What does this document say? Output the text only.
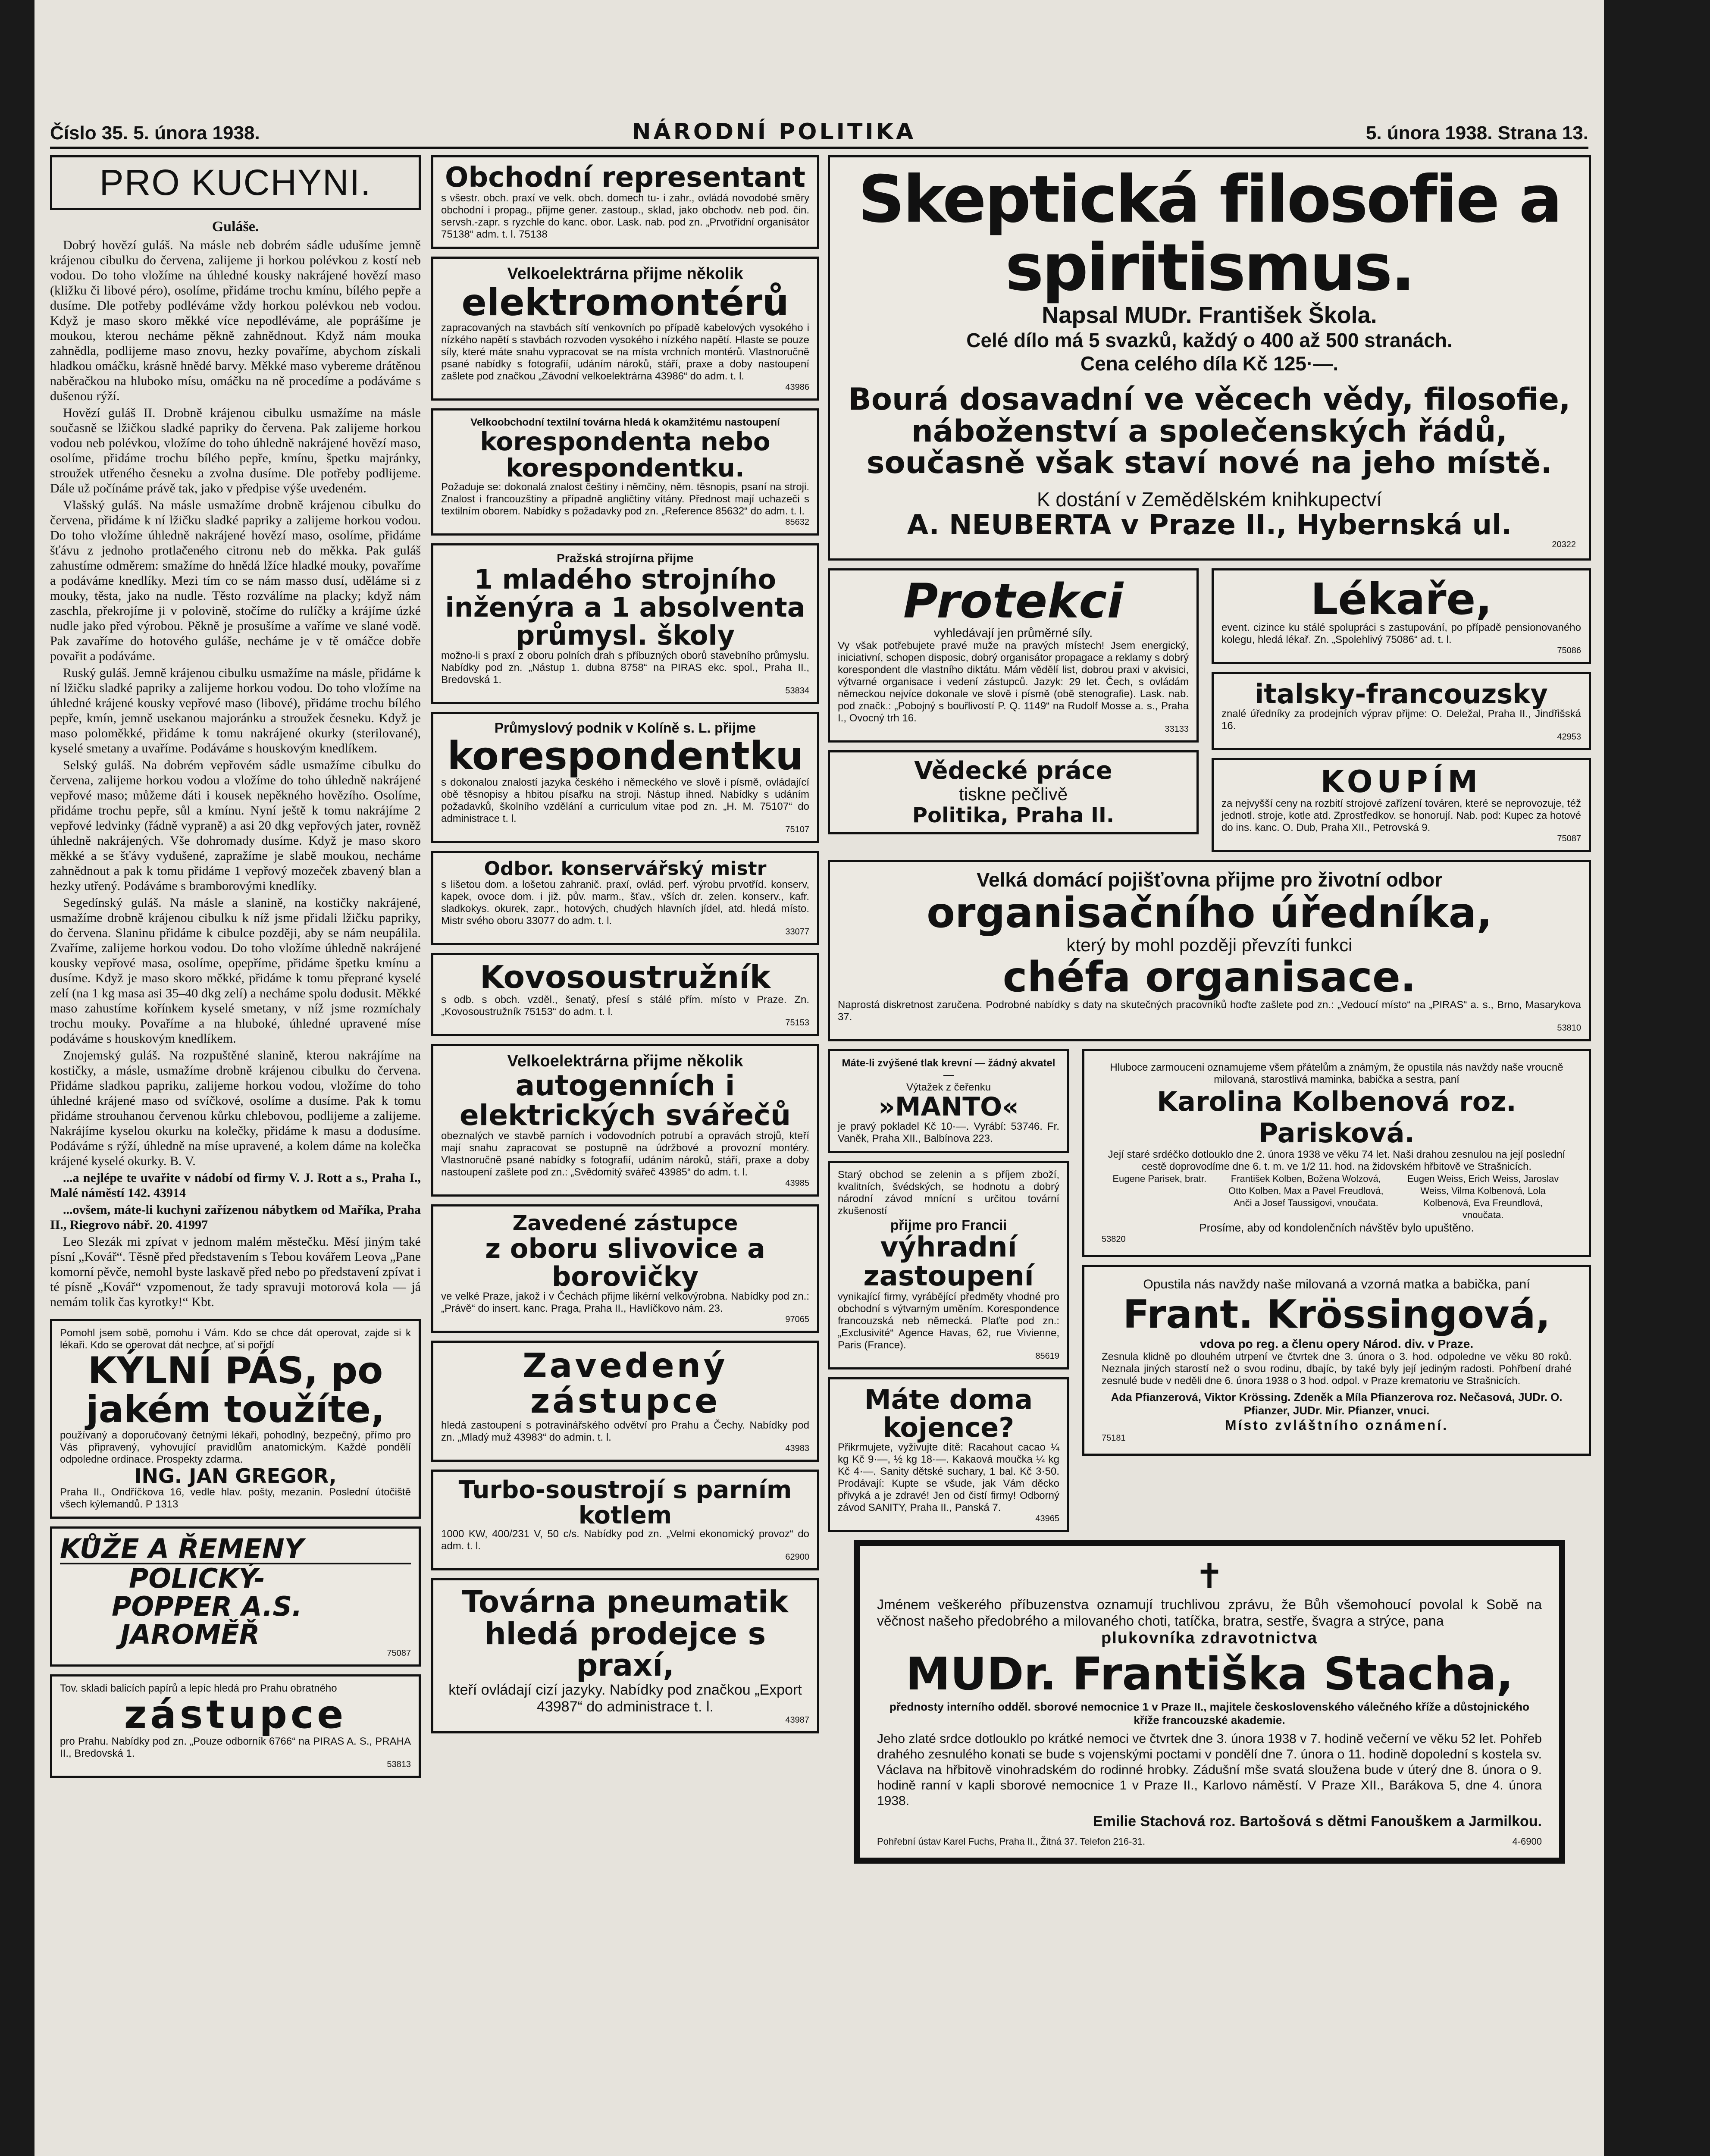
Číslo 35. 5. února 1938.	NÁRODNÍ POLITIKA	5. února 1938. Strana 13.
PRO KUCHYNI.
Guláše.

Dobrý hovězí guláš. Na másle neb dobrém sádle udušíme jemně krájenou cibulku do červena, zalijeme ji horkou polévkou z kostí neb vodou. Do toho vložíme na úhledné kousky nakrájené hovězí maso (kližku či libové péro), osolíme, přidáme trochu kmínu, bílého pepře a dusíme. Dle potřeby podléváme vždy horkou polévkou neb vodou. Když je maso skoro měkké více nepodléváme, ale poprášíme je moukou, kterou necháme pěkně zahnědnout. Když nám mouka zahnědla, podlijeme maso znovu, hezky povaříme, abychom získali hladkou omáčku, krásně hnědé barvy. Měkké maso vybereme drátěnou naběračkou na hluboko mísu, omáčku na ně procedíme a podáváme s dušenou rýží.

Hovězí guláš II. Drobně krájenou cibulku usmažíme na másle současně se lžičkou sladké papriky do červena. Pak zalijeme horkou vodou neb polévkou, vložíme do toho úhledně nakrájené hovězí maso, osolíme, přidáme trochu bílého pepře, kmínu, špetku majránky, stroužek utřeného česneku a zvolna dusíme. Dle potřeby podlijeme. Dále už počínáme právě tak, jako v předpise výše uvedeném.

Vlašský guláš. Na másle usmažíme drobně krájenou cibulku do červena, přidáme k ní lžičku sladké papriky a zalijeme horkou vodou. Do toho vložíme úhledně nakrájené hovězí maso, osolíme, přidáme šťávu z jednoho protlačeného citronu neb do měkka. Pak guláš zahustíme odměrem: smažíme do hnědá lžíce hladké mouky, povaříme a podáváme knedlíky. Mezi tím co se nám masso dusí, uděláme si z mouky, těsta, jako na nudle. Těsto rozválíme na placky; když nám zaschla, překrojíme ji v polovině, stočíme do rulíčky a krájíme úzké nudle jako před výrobou. Pěkně je prosušíme a vaříme ve slané vodě. Pak zavaříme do hotového guláše, necháme je v tě omáčce dobře povařit a podáváme.

Ruský guláš. Jemně krájenou cibulku usmažíme na másle, přidáme k ní lžičku sladké papriky a zalijeme horkou vodou. Do toho vložíme na úhledné krájené kousky vepřové maso (libové), přidáme trochu bílého pepře, kmín, jemně usekanou majoránku a stroužek česneku. Když je maso poloměkké, přidáme k tomu nakrájené okurky (sterilované), kyselé smetany a uvaříme. Podáváme s houskovým knedlíkem.

Selský guláš. Na dobrém vepřovém sádle usmažíme cibulku do červena, zalijeme horkou vodou a vložíme do toho úhledně nakrájené vepřové maso; můžeme dáti i kousek nepěkného hovězího. Osolíme, přidáme trochu pepře, sůl a kmínu. Nyní ještě k tomu nakrájíme 2 vepřové ledvinky (řádně vypraně) a asi 20 dkg vepřových jater, rovněž úhledně nakrájených. Vše dohromady dusíme. Když je maso skoro měkké a se šťávy vydušené, zapražíme je slabě moukou, necháme zahnědnout a pak k tomu přidáme 1 vepřový mozeček zbavený blan a hezky utřený. Podáváme s bramborovými knedlíky.

Segedínský guláš. Na másle a slanině, na kostičky nakrájené, usmažíme drobně krájenou cibulku k níž jsme přidali lžičku papriky, do červena. Slaninu přidáme k cibulce později, aby se nám neupálila. Zvaříme, zalijeme horkou vodou. Do toho vložíme úhledně nakrájené kousky vepřové masa, osolíme, opepříme, přidáme špetku kmínu a dusíme. Když je maso skoro měkké, přidáme k tomu přeprané kyselé zelí (na 1 kg masa asi 35–40 dkg zelí) a necháme spolu dodusit. Měkké maso zahustíme kořínkem kyselé smetany, v níž jsme rozmíchaly trochu mouky. Povaříme a na hluboké, úhledné upravené míse podáváme s houskovým knedlíkem.

Znojemský guláš. Na rozpuštěné slanině, kterou nakrájíme na kostičky, a másle, usmažíme drobně krájenou cibulku do červena. Přidáme sladkou papriku, zalijeme horkou vodou, vložíme do toho úhledné krájené maso od svíčkové, osolíme a dusíme. Pak k tomu přidáme strouhanou červenou kůrku chlebovou, podlijeme a zalijeme. Nakrájíme kyselou okurku na kolečky, přidáme k masu a dodusíme. Podáváme s rýží, úhledně na míse upravené, a kolem dáme na kolečka krájené kyselé okurky. B. V.

...a nejlépe te uvařite v nádobí od firmy V. J. Rott a s., Praha I., Malé náměstí 142. 43914

...ovšem, máte-li kuchyni zařízenou nábytkem od Maříka, Praha II., Riegrovo nábř. 20. 41997

Leo Slezák mi zpívat v jednom malém městečku. Měsí jiným také písní „Kovář“. Těsně před představením s Tebou kovářem Leova „Pane komorní pěvče, nemohl byste laskavě před nebo po představení zpívat i té písně „Kovář“ vzpomenout, že tady spravuji motorová kola — já nemám tolik čas kyrotky!“ Kbt.

Pomohl jsem sobě, pomohu i Vám. Kdo se chce dát operovat, zajde si k lékaři. Kdo se operovat dát nechce, ať si pořídí
KÝLNÍ PÁS, po jakém toužíte,
používaný a doporučovaný četnými lékaři, pohodlný, bezpečný, přímo pro Vás připravený, vyhovující pravidlům anatomickým. Každé pondělí odpoledne ordinace. Prospekty zdarma.
ING. JAN GREGOR,
Praha II., Ondříčkova 16, vedle hlav. pošty, mezanin. Poslední útočiště všech kýlemandů. P 1313
KŮŽE A ŘEMENY
POLICKÝ-
POPPER A.S.
JAROMĚŘ
75087
Tov. skladi balicích papírů a lepíc hledá pro Prahu obratného
zástupce
pro Prahu. Nabídky pod zn. „Pouze odborník 6766“ na PIRAS A. S., PRAHA II., Bredovská 1.
53813
Obchodní representant
s všestr. obch. praxí ve velk. obch. domech tu- i zahr., ovládá novodobé směry obchodní i propag., přijme gener. zastoup., sklad, jako obchodv. neb pod. čin. servsh.-zapr. s ryzchle do kanc. obor. Lask. nab. pod zn. „Prvotřídní organisátor 75138“ adm. t. l. 75138
Velkoelektrárna přijme několik
elektromontérů
zapracovaných na stavbách sítí venkovních po případě kabelových vysokého i nízkého napětí s stavbách rozvoden vysokého i nízkého napětí. Hlaste se pouze síly, které máte snahu vypracovat se na místa vrchních montérů. Vlastnoručně psané nabídky s fotografií, udáním nároků, stáří, praxe a doby nastoupení zašlete pod značkou „Závodní velkoelektrárna 43986“ do adm. t. l.
43986
Velkoobchodní textilní továrna hledá k okamžitému nastoupení
korespondenta nebo korespondentku.
Požaduje se: dokonalá znalost češtiny i němčiny, něm. těsnopis, psaní na stroji. Znalost i francouzštiny a případně angličtiny vítány. Přednost mají uchazeči s textilním oborem. Nabídky s požadavky pod zn. „Reference 85632“ do adm. t. l.
85632
Pražská strojírna přijme
1 mladého strojního inženýra a 1 absolventa průmysl. školy
možno-li s praxí z oboru polních drah s příbuzných oborů stavebního průmyslu. Nabídky pod zn. „Nástup 1. dubna 8758“ na PIRAS ekc. spol., Praha II., Bredovská 1.
53834
Průmyslový podnik v Kolíně s. L. přijme
korespondentku
s dokonalou znalostí jazyka českého i německého ve slově i písmě, ovládající obě těsnopisy a hbitou písařku na stroji. Nástup ihned. Nabídky s udáním požadavků, školního vzdělání a curriculum vitae pod zn. „H. M. 75107“ do administrace t. l.
75107
Odbor. konservářský mistr
s lišetou dom. a lošetou zahranič. praxí, ovlád. perf. výrobu prvotříd. konserv, kapek, ovoce dom. i již. pův. marm., šťav., vších dr. zelen. konserv., kafr. sladkokys. okurek, zapr., hotových, chudých hlavních jídel, atd. hledá místo. Mistr svého oboru 33077 do adm. t. l.
33077
Kovosoustružník
s odb. s obch. vzděl., šenatý, přesí s stálé přím. místo v Praze. Zn. „Kovosoustružník 75153“ do adm. t. l.
75153
Velkoelektrárna přijme několik
autogenních i elektrických svářečů
obeznalých ve stavbě parních i vodovodních potrubí a opravách strojů, kteří mají snahu zapracovat se postupně na údržbové a provozní montéry. Vlastnoručně psané nabídky s fotografií, udáním nároků, stáří, praxe a doby nastoupení zašlete pod zn.: „Svědomitý svářeč 43985“ do adm. t. l.
43985
Zavedené zástupce
z oboru slivovice a borovičky
ve velké Praze, jakož i v Čechách přijme likérní velkovýrobna. Nabídky pod zn.: „Právě“ do insert. kanc. Praga, Praha II., Havlíčkovo nám. 23.
97065
Zavedený zástupce
hledá zastoupení s potravinářského odvětví pro Prahu a Čechy. Nabídky pod zn. „Mladý muž 43983“ do admin. t. l.
43983
Turbo-soustrojí s parním kotlem
1000 KW, 400/231 V, 50 c/s. Nabídky pod zn. „Velmi ekonomický provoz“ do adm. t. l.
62900
Továrna pneumatik hledá prodejce s praxí,
kteří ovládají cizí jazyky. Nabídky pod značkou „Export 43987“ do administrace t. l.
43987
Skeptická filosofie a spiritismus.
Napsal MUDr. František Škola.
Celé dílo má 5 svazků, každý o 400 až 500 stranách.
Cena celého díla Kč 125·—.
Bourá dosavadní ve věcech vědy, filosofie, náboženství a společenských řádů, současně však staví nové na jeho místě.
K dostání v Zemědělském knihkupectví
A. NEUBERTA v Praze II., Hybernská ul.
20322
Protekci
vyhledávají jen průměrné síly.
Vy však potřebujete pravé muže na pravých místech! Jsem energický, iniciativní, schopen disposic, dobrý organisátor propagace a reklamy s dobrý korespondent dle vlastního diktátu. Mám vědělí list, dobrou praxi v akvisici, výtvarné organisace i vedení zástupců. Jazyk: 29 let. Čech, s ovládám německou nejvíce dokonale ve slově i písmě (obě stenografie). Lask. nab. pod značk.: „Pobojný s bouřlivostí P. Q. 1149“ na Rudolf Mosse a. s., Praha I., Ovocný trh 16.
33133
Vědecké práce
tiskne pečlivě
Politika, Praha II.
Lékaře,
event. cizince ku stálé spolupráci s zastupování, po případě pensionovaného kolegu, hledá lékař. Zn. „Spolehlivý 75086“ ad. t. l.
75086
italsky-francouzsky
znalé úředníky za prodejních výprav přijme: O. Deležal, Praha II., Jindřišská 16.
42953
KOUPÍM
za nejvyšší ceny na rozbití strojové zařízení továren, které se neprovozuje, též jednotl. stroje, kotle atd. Zprostředkov. se honorují. Nab. pod: Kupec za hotové do ins. kanc. O. Dub, Praha XII., Petrovská 9.
75087
Velká domácí pojišťovna přijme pro životní odbor
organisačního úředníka,
který by mohl později převzíti funkci
chéfa organisace.
Naprostá diskretnost zaručena. Podrobné nabídky s daty na skutečných pracovníků hoďte zašlete pod zn.: „Vedoucí místo“ na „PIRAS“ a. s., Brno, Masarykova 37.
53810
Máte-li zvýšené tlak krevní — žádný akvatel —
Výtažek z čeřenku
»MANTO«
je pravý pokladel Kč 10·—. Vyrábí: 53746. Fr. Vaněk, Praha XII., Balbínova 223.
Starý obchod se zelenin a s příjem zboží, kvalitních, švédských, se hodnotu a dobrý národní závod mnícní s určitou tovární zkušeností
přijme pro Francii
výhradní zastoupení
vynikající firmy, vyrábějící předměty vhodné pro obchodní s výtvarným uměním. Korespondence francouzská neb německá. Plaťte pod zn.: „Exclusivité“ Agence Havas, 62, rue Vivienne, Paris (France).
85619
Máte doma kojence?
Přikrmujete, vyživujte dítě: Racahout cacao ¼ kg Kč 9·—, ½ kg 18·—. Kakaová moučka ¼ kg Kč 4·—. Sanity dětské suchary, 1 bal. Kč 3·50. Prodávají: Kupte se všude, jak Vám děcko přivyká a je zdravé! Jen od čistí firmy! Odborný závod SANITY, Praha II., Panská 7.
43965
Hluboce zarmouceni oznamujeme všem přátelům a známým, že opustila nás navždy naše vroucně milovaná, starostlivá maminka, babička a sestra, paní
Karolina Kolbenová roz. Parisková.
Její staré srdéčko dotlouklo dne 2. února 1938 ve věku 74 let. Naši drahou zesnulou na její poslední cestě doprovodíme dne 6. t. m. ve 1/2 11. hod. na židovském hřbitově ve Strašnicích.
Eugene Parisek, bratr.	František Kolben, Božena Wolzová, Otto Kolben, Max a Pavel Freudlová, Anči a Josef Taussigovi, vnoučata.
Eugen Weiss, Erich Weiss, Jaroslav Weiss, Vilma Kolbenová, Lola Kolbenová, Eva Freundlová, vnoučata.
Prosíme, aby od kondolenčních návštěv bylo upuštěno.
53820
Opustila nás navždy naše milovaná a vzorná matka a babička, paní
Frant. Krössingová,
vdova po reg. a členu opery Národ. div. v Praze.
Zesnula klidně po dlouhém utrpení ve čtvrtek dne 3. února o 3. hod. odpoledne ve věku 80 roků. Neznala jiných starostí než o svou rodinu, dbajíc, by také byly její jediným radosti. Pohřbení drahé zesnulé bude v neděli dne 6. února 1938 o 3 hod. odpol. v Praze krematoriu ve Strašnicích.
Ada Pfianzerová, Viktor Krössing. Zdeněk a Míla Pfianzerova roz. Nečasová, JUDr. O. Pfianzer, JUDr. Mir. Pfianzer, vnuci.
Místo zvláštního oznámení.
75181
✝
Jménem veškerého příbuzenstva oznamují truchlivou zprávu, že Bůh všemohoucí povolal k Sobě na věčnost našeho předobrého a milovaného choti, tatíčka, bratra, sestře, švagra a strýce, pana
plukovníka zdravotnictva
MUDr. Františka Stacha,
přednosty interního odděl. sborové nemocnice 1 v Praze II., majitele československého válečného kříže a důstojnického kříže francouzské akademie.
Jeho zlaté srdce dotlouklo po krátké nemoci ve čtvrtek dne 3. února 1938 v 7. hodině večerní ve věku 52 let. Pohřeb drahého zesnulého konati se bude s vojenskými poctami v pondělí dne 7. února o 11. hodině dopolední s kostela sv. Václava na hřbitově vinohradském do rodinné hrobky. Zádušní mše svatá sloužena bude v úterý dne 8. února o 9. hodině ranní v kapli sborové nemocnice 1 v Praze II., Karlovo náměstí. V Praze XII., Barákova 5, dne 4. února 1938.
Emilie Stachová roz. Bartošová s dětmi Fanouškem a Jarmilkou.
Pohřební ústav Karel Fuchs, Praha II., Žitná 37. Telefon 216-31.	4-6900
